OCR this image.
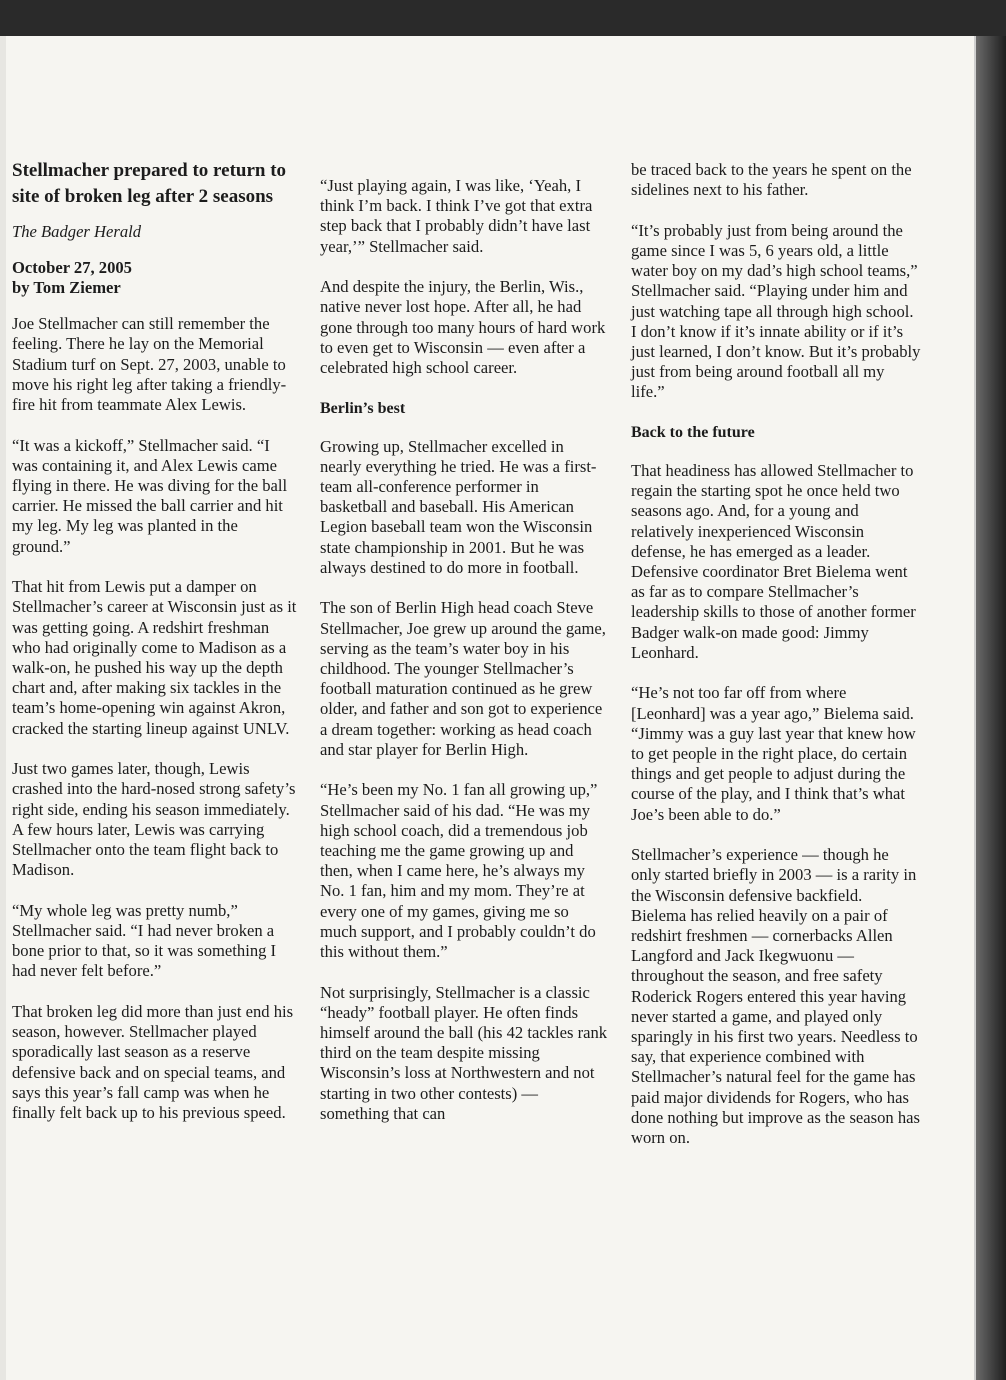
Stellmacher prepared to return to site of broken leg after 2 seasons
The Badger Herald
October 27, 2005
by Tom Ziemer

Joe Stellmacher can still remember the feeling. There he lay on the Memorial Stadium turf on Sept. 27, 2003, unable to move his right leg after taking a friendly-fire hit from teammate Alex Lewis.

“It was a kickoff,” Stellmacher said. “I was containing it, and Alex Lewis came flying in there. He was diving for the ball carrier. He missed the ball carrier and hit my leg. My leg was planted in the ground.”

That hit from Lewis put a damper on Stellmacher’s career at Wisconsin just as it was getting going. A redshirt freshman who had originally come to Madison as a walk-on, he pushed his way up the depth chart and, after making six tackles in the team’s home-opening win against Akron, cracked the starting lineup against UNLV.

Just two games later, though, Lewis crashed into the hard-nosed strong safety’s right side, ending his season immediately. A few hours later, Lewis was carrying Stellmacher onto the team flight back to Madison.

“My whole leg was pretty numb,” Stellmacher said. “I had never broken a bone prior to that, so it was something I had never felt before.”

That broken leg did more than just end his season, however. Stellmacher played sporadically last season as a reserve defensive back and on special teams, and says this year’s fall camp was when he finally felt back up to his previous speed.

“Just playing again, I was like, ‘Yeah, I think I’m back. I think I’ve got that extra step back that I probably didn’t have last year,’” Stellmacher said.

And despite the injury, the Berlin, Wis., native never lost hope. After all, he had gone through too many hours of hard work to even get to Wisconsin — even after a celebrated high school career.

Berlin’s best

Growing up, Stellmacher excelled in nearly everything he tried. He was a first-team all-conference performer in basketball and baseball. His American Legion baseball team won the Wisconsin state championship in 2001. But he was always destined to do more in football.

The son of Berlin High head coach Steve Stellmacher, Joe grew up around the game, serving as the team’s water boy in his childhood. The younger Stellmacher’s football maturation continued as he grew older, and father and son got to experience a dream together: working as head coach and star player for Berlin High.

“He’s been my No. 1 fan all growing up,” Stellmacher said of his dad. “He was my high school coach, did a tremendous job teaching me the game growing up and then, when I came here, he’s always my No. 1 fan, him and my mom. They’re at every one of my games, giving me so much support, and I probably couldn’t do this without them.”

Not surprisingly, Stellmacher is a classic “heady” football player. He often finds himself around the ball (his 42 tackles rank third on the team despite missing Wisconsin’s loss at Northwestern and not starting in two other contests) — something that can

be traced back to the years he spent on the sidelines next to his father.

“It’s probably just from being around the game since I was 5, 6 years old, a little water boy on my dad’s high school teams,” Stellmacher said. “Playing under him and just watching tape all through high school. I don’t know if it’s innate ability or if it’s just learned, I don’t know. But it’s probably just from being around football all my life.”

Back to the future

That headiness has allowed Stellmacher to regain the starting spot he once held two seasons ago. And, for a young and relatively inexperienced Wisconsin defense, he has emerged as a leader. Defensive coordinator Bret Bielema went as far as to compare Stellmacher’s leadership skills to those of another former Badger walk-on made good: Jimmy Leonhard.

“He’s not too far off from where [Leonhard] was a year ago,” Bielema said. “Jimmy was a guy last year that knew how to get people in the right place, do certain things and get people to adjust during the course of the play, and I think that’s what Joe’s been able to do.”

Stellmacher’s experience — though he only started briefly in 2003 — is a rarity in the Wisconsin defensive backfield. Bielema has relied heavily on a pair of redshirt freshmen — cornerbacks Allen Langford and Jack Ikegwuonu — throughout the season, and free safety Roderick Rogers entered this year having never started a game, and played only sparingly in his first two years. Needless to say, that experience combined with Stellmacher’s natural feel for the game has paid major dividends for Rogers, who has done nothing but improve as the season has worn on.
